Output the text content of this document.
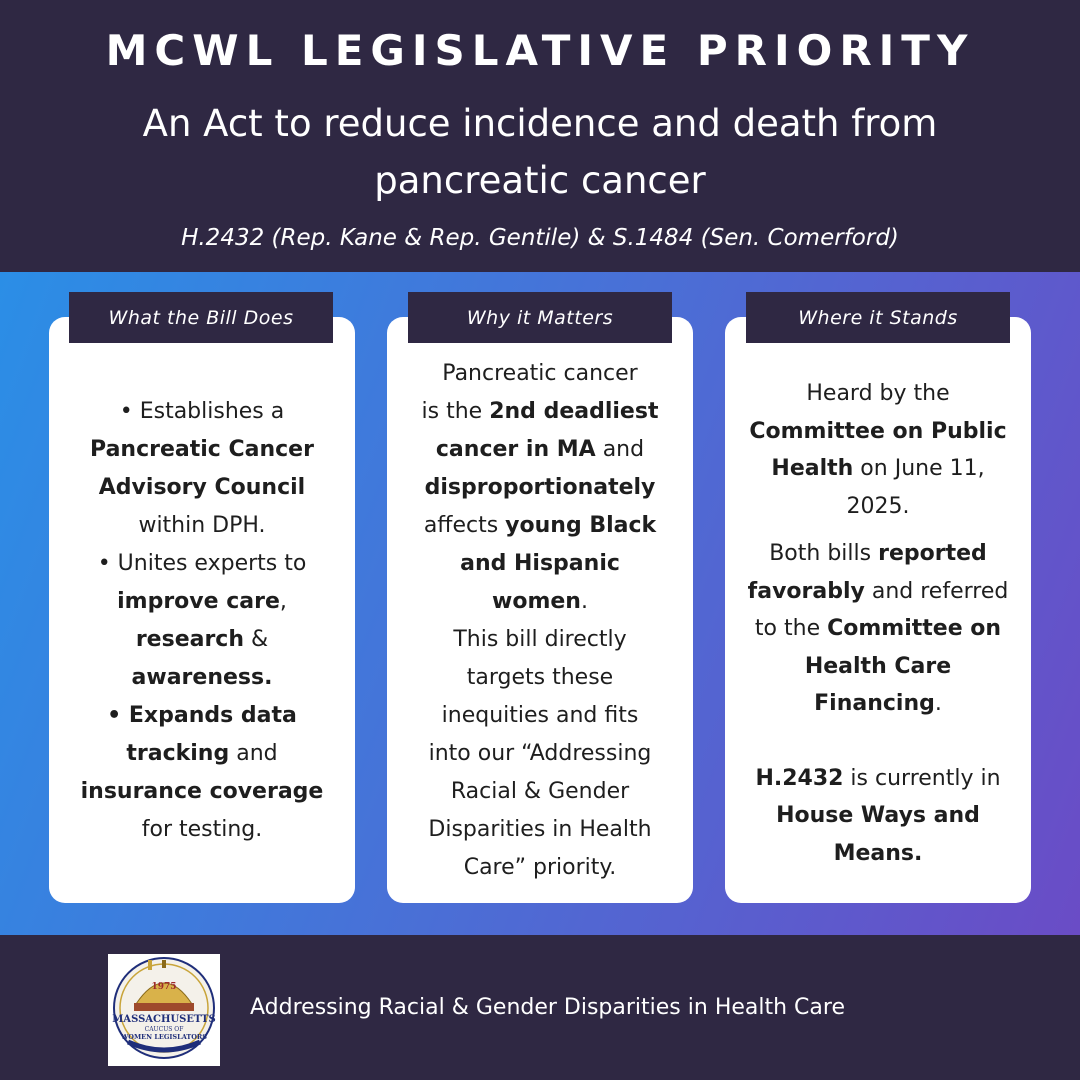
MCWL LEGISLATIVE PRIORITY
An Act to reduce incidence and death from
pancreatic cancer
H.2432 (Rep. Kane & Rep. Gentile) & S.1484 (Sen. Comerford)
• Establishes a
Pancreatic Cancer
Advisory Council
within DPH.
• Unites experts to
improve care,
research &
awareness.
• Expands data
tracking and
insurance coverage
for testing.
Pancreatic cancer
is the 2nd deadliest
cancer in MA and
disproportionately
affects young Black
and Hispanic
women.
This bill directly
targets these
inequities and fits
into our “Addressing
Racial & Gender
Disparities in Health
Care” priority.

Heard by the
Committee on Public
Health on June 11,
2025.

Both bills reported
favorably and referred
to the Committee on
Health Care
Financing.

H.2432 is currently in
House Ways and
Means.

What the Bill Does	Why it Matters	Where it Stands
1975
MASSACHUSETTS
CAUCUS OF
WOMEN LEGISLATORS
Addressing Racial & Gender Disparities in Health Care
